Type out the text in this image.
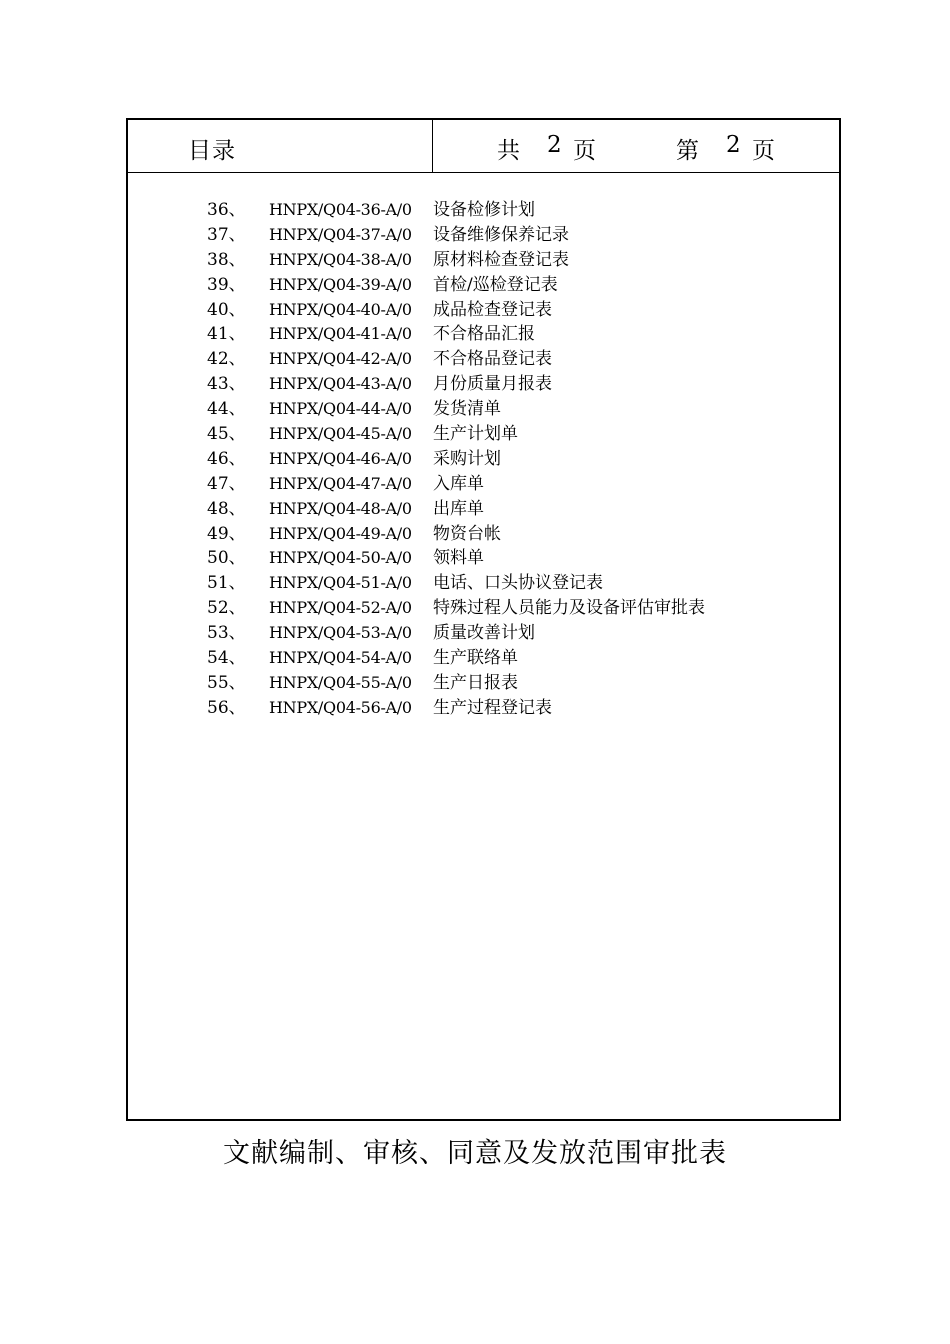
目录	共 2 页	第 2 页
36、 HNPX/Q04-36-A/0 设备检修计划
37、 HNPX/Q04-37-A/0 设备维修保养记录
38、 HNPX/Q04-38-A/0 原材料检查登记表
39、 HNPX/Q04-39-A/0 首检/巡检登记表
40、 HNPX/Q04-40-A/0 成品检查登记表
41、 HNPX/Q04-41-A/0 不合格品汇报
42、 HNPX/Q04-42-A/0 不合格品登记表
43、 HNPX/Q04-43-A/0 月份质量月报表
44、 HNPX/Q04-44-A/0 发货清单
45、 HNPX/Q04-45-A/0 生产计划单
46、 HNPX/Q04-46-A/0 采购计划
47、 HNPX/Q04-47-A/0 入库单
48、 HNPX/Q04-48-A/0 出库单
49、 HNPX/Q04-49-A/0 物资台帐
50、 HNPX/Q04-50-A/0 领料单
51、 HNPX/Q04-51-A/0 电话、口头协议登记表
52、 HNPX/Q04-52-A/0 特殊过程人员能力及设备评估审批表
53、 HNPX/Q04-53-A/0 质量改善计划
54、 HNPX/Q04-54-A/0 生产联络单
55、 HNPX/Q04-55-A/0 生产日报表
56、 HNPX/Q04-56-A/0 生产过程登记表
文献编制、审核、同意及发放范围审批表
